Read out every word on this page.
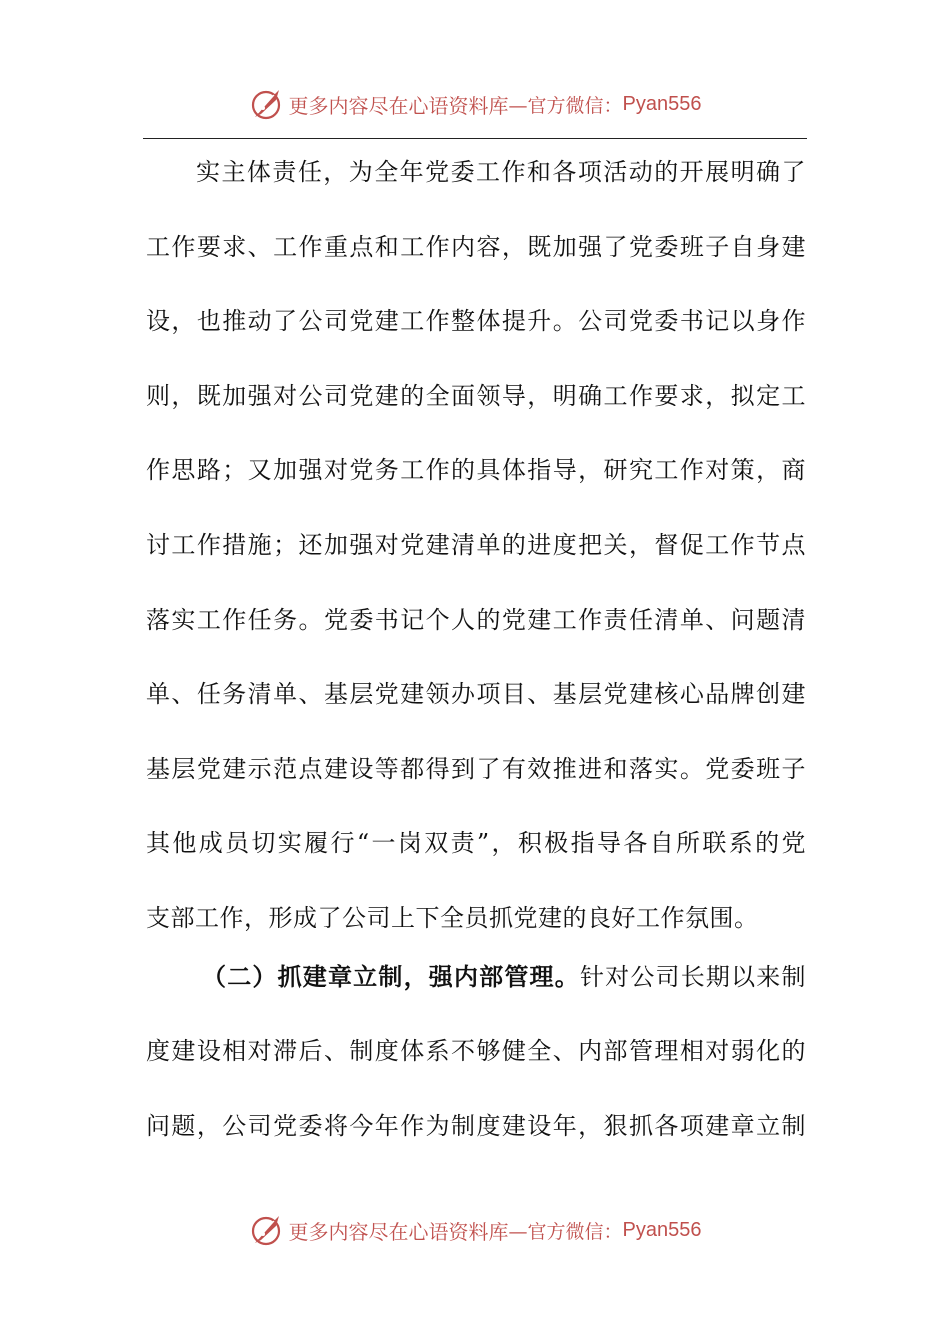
更多内容尽在心语资料库 —官方微信： Pyan556
实主体责任，为全年党委工作和各项活动的开展明确了
工作要求、工作重点和工作内容，既加强了党委班子自身建
设，也推动了公司党建工作整体提升。公司党委书记以身作
则，既加强对公司党建的全面领导，明确工作要求，拟定工
作思路；又加强对党务工作的具体指导，研究工作对策，商
讨工作措施；还加强对党建清单的进度把关，督促工作节点
落实工作任务。党委书记个人的党建工作责任清单、问题清
单、任务清单、基层党建领办项目、基层党建核心品牌创建
基层党建示范点建设等都得到了有效推进和落实。党委班子
其他成员切实履行“一岗双责”，积极指导各自所联系的党
支部工作，形成了公司上下全员抓党建的良好工作氛围。
（二）抓建章立制，强内部管理。针对公司长期以来制
度建设相对滞后、制度体系不够健全、内部管理相对弱化的
问题，公司党委将今年作为制度建设年，狠抓各项建章立制
更多内容尽在心语资料库 —官方微信： Pyan556
